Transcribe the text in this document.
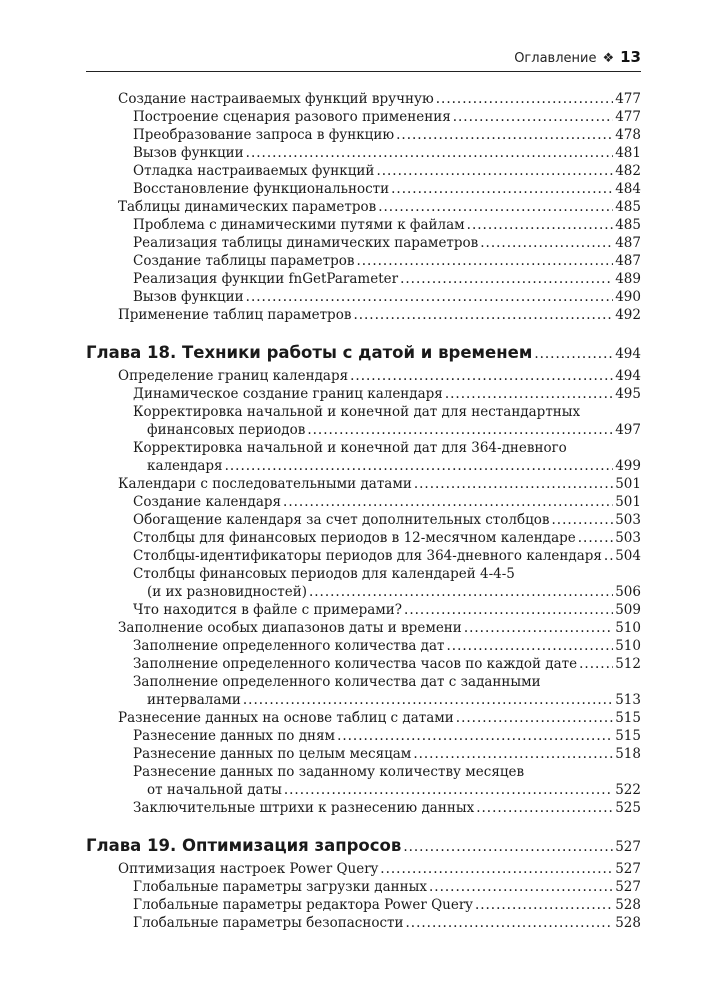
Оглавление ❖ 13
Создание настраиваемых функций вручную .....	477
Построение сценария разового применения .....	477
Преобразование запроса в функцию .....	478
Вызов функции .....	481
Отладка настраиваемых функций .....	482
Восстановление функциональности .....	484
Таблицы динамических параметров .....	485
Проблема с динамическими путями к файлам .....	485
Реализация таблицы динамических параметров .....	487
Создание таблицы параметров .....	487
Реализация функции fnGetParameter .....	489
Вызов функции .....	490
Применение таблиц параметров .....	492
Глава 18. Техники работы с датой и временем .....	494
Определение границ календаря .....	494
Динамическое создание границ календаря .....	495
Корректировка начальной и конечной дат для нестандартных
финансовых периодов .....	497
Корректировка начальной и конечной дат для 364-дневного
календаря .....	499
Календари с последовательными датами .....	501
Создание календаря .....	501
Обогащение календаря за счет дополнительных столбцов .....	503
Столбцы для финансовых периодов в 12-месячном календаре .....	503
Столбцы-идентификаторы периодов для 364-дневного календаря ..... 504
Столбцы финансовых периодов для календарей 4-4-5
(и их разновидностей) .....	506
Что находится в файле с примерами? .....	509
Заполнение особых диапазонов даты и времени .....	510
Заполнение определенного количества дат .....	510
Заполнение определенного количества часов по каждой дате .....	512
Заполнение определенного количества дат с заданными
интервалами .....	513
Разнесение данных на основе таблиц с датами .....	515
Разнесение данных по дням .....	515
Разнесение данных по целым месяцам .....	518
Разнесение данных по заданному количеству месяцев
от начальной даты .....	522
Заключительные штрихи к разнесению данных .....	525
Глава 19. Оптимизация запросов .....	527
Оптимизация настроек Power Query .....	527
Глобальные параметры загрузки данных .....	527
Глобальные параметры редактора Power Query .....	528
Глобальные параметры безопасности .....	528
